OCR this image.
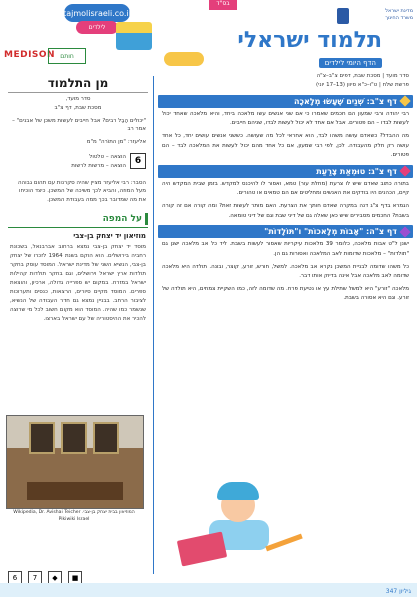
tajmolisraeli.co.il
לילדים
MEDISON חותם
בס"ד
מדינת ישראל
משרד החינוך
תלמוד ישראלי
הדף היומי לילדים
מן התלמוד
סדר מועד,
מסכת שבת, דף צ"ב
"יכולים הֶבֶל רבים? אבל חייבים לעשות משכן של אבנים" – אמר רב
אליעזר: "מן התוֹרה" מ"מ
6
הוצאה – טלטול
הוצאה – מרשות לרשות
הסבר: רבי אליעזר מציין שהיה סקרנות עם תהום גבוהה מעל המוזה, והביא לכך משיכה של המשכן. כיצד הוכיחו את מה שמדובר בכך ממה בעבודת המשכן.
על המפה
מוזיאון יד יצחק בן-צבי
מוסד יד יצחק בן-צבי נמצא ברחוב אברבנאל, בשכונת רחביה בירושלים. הוא הוקם בשנת 1964 לזכרו של יצחק בן-צבי, הנשיא השני של מדינת ישראל. המוסד עוסק בחקר תולדות ארץ ישראל וירושלים, וגם בחקר תולדות קהילות ישראל במזרח. במקום יש ספרייה גדולה, ארכיון, והוצאת ספרים. המוסד מקיים סיורים, הרצאות, כנסים ותערוכות לציבור הרחב. בבניין נמצא גם חדר העבודה של הנשיא, שנשמר כמו שהיה. המוסד הוא מקום חשוב לכל מי שרוצה להכיר את ההיסטוריה של עם ישראל בארצו.
המוזיאון בבית יצחק בן-צבי. Wikipedia, Dr. Avishai Teicher Pikiwiki Israel
6	7	◆	■
סדר מועד | מסכת שבת, דפים צ"ב–צ"ה
פרשת שלח | ט"ו–כ"א סיוון (13–17 יוני)
דף צ"ב: שְׁנַיִם שֶׁעָשׂוּ מְלָאכָה
רבי יהודה ורבי שמעון הם חכמים שאמרו כי אם שני אנשים עשו מלאכה ביחד, והיא מלאכה שאחד יכול לעשות לבדו – הם פטורים. אבל אם אחד לא יכול לעשות לבדו, שניהם חייבים.
מה ההבדל? כשאדם עושה משהו לבד, הוא אחראי לכל מה שעושה. כששני אנשים עושים יחד, כל אחד עושה רק חלק מהעבודה. לכן, לפי רבי שמעון, אם כל אחד מהם יכול לעשות את המלאכה לבד – הם פטורים.
דף צ"ג: טוּמְאַת צָרַעַת
בתורה כתוב שאדם שיש לו צרעת (מחלת עור) טמא, ואסור לו להיכנס למקדש. בזמן שבית המקדש היה קיים, הכהנים היו בודקים את האנשים ומחליטים אם הם טמאים או טהורים.
הגמרא בדף צ"ג דנה במקרה שאדם חותך את הצרעת. האם מותר לעשות זאת? ומה קורה אם זה קורה בשבת? החכמים מסבירים שיש כאן שאלה גם של דיני שבת וגם של דיני טומאה.
דף צ"ה: "אָבוֹת מְלָאכוֹת" ו"תּוֹלָדוֹת"
ישנן ל"ט אבות מלאכה, כלומר 39 מלאכות עיקריות שאסור לעשות בשבת. ליד כל אב מלאכה ישנן גם "תולדות" – מלאכות שדומות לאב המלאכה ואסורות גם הן.
כל משהו שדומה לבניית המשכן נקרא אב מלאכה. למשל, חורש, זורע, קוצר, ובונה. תולדה היא מלאכה שדומה לאב מלאכה אבל אינה בדיוק אותו דבר.
מלאכה "זורע" היא למשל שתילת עץ או נטיעת פרח. מה שדומה לזה, כמו השקיית צמחים, היא תולדה של זורע. וגם היא אסורה בשבת.
גיליון 347
